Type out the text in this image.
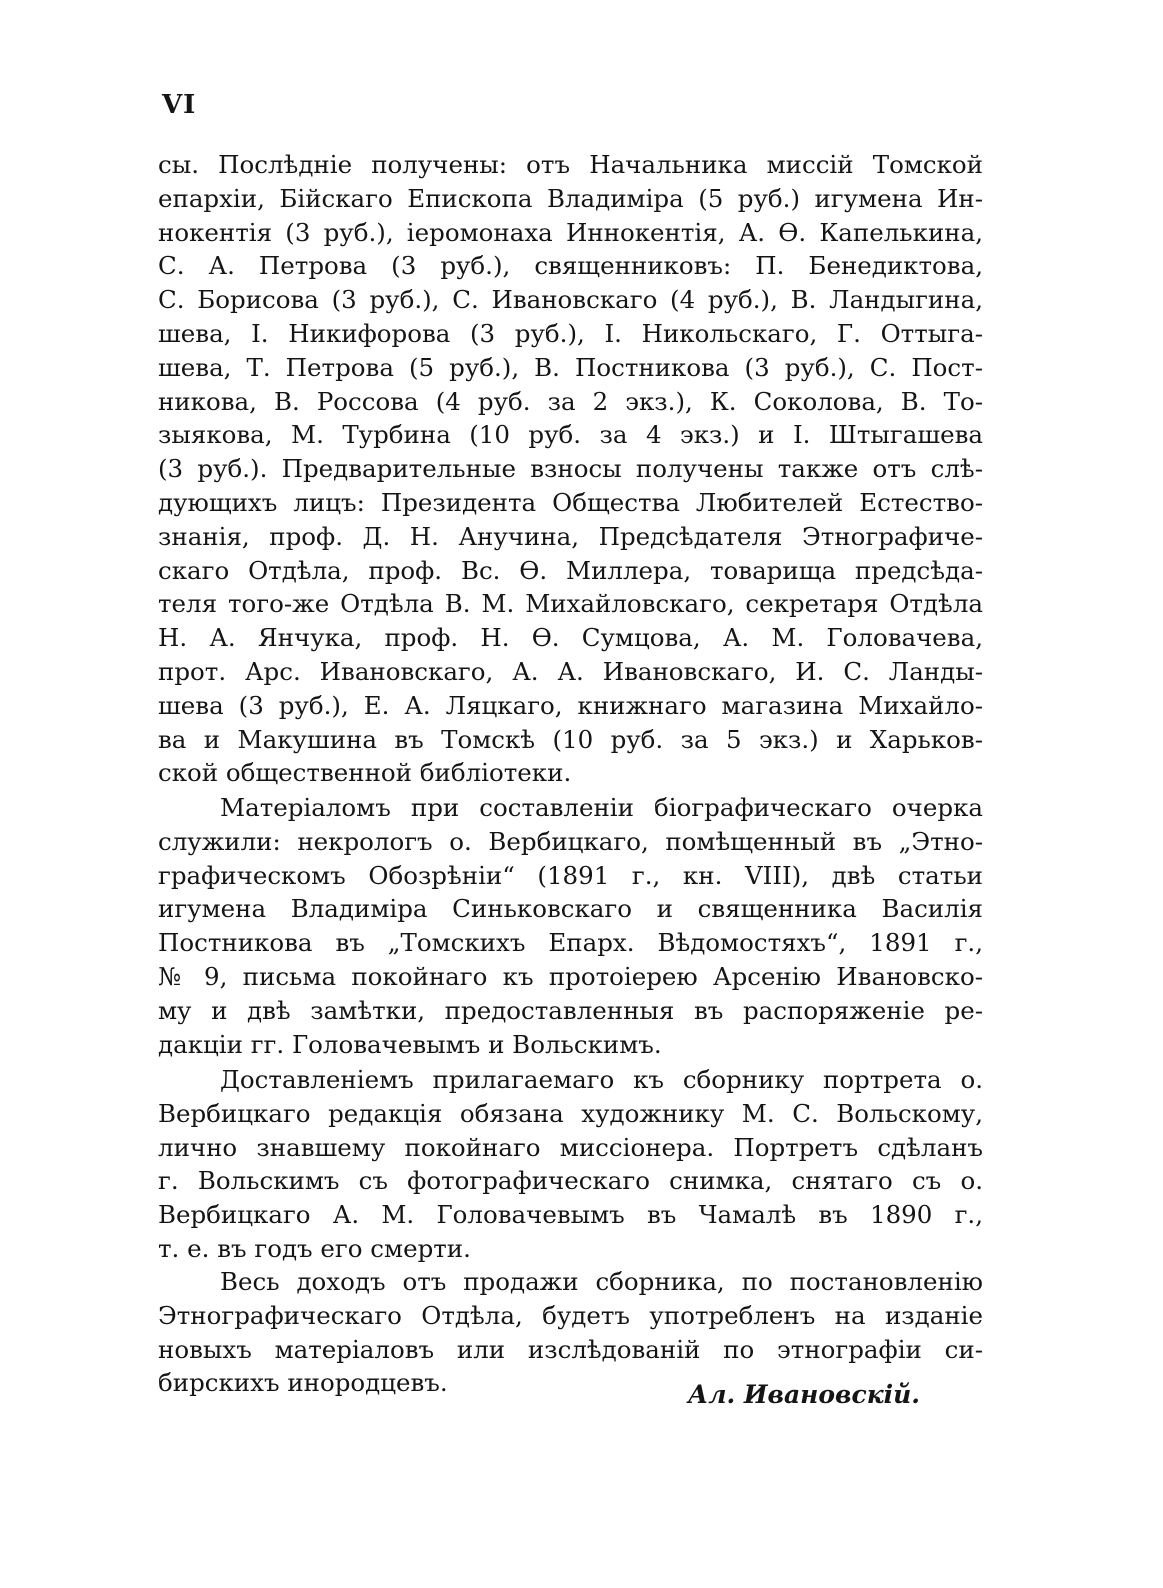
VI
сы. Послѣдніе получены: отъ Начальника миссій Томской
епархіи, Бійскаго Епископа Владиміра (5 руб.) игумена Ин-
нокентія (3 руб.), іеромонаха Иннокентія, А. Ѳ. Капелькина,
С. А. Петрова (3 руб.), священниковъ: П. Бенедиктова,
С. Борисова (3 руб.), С. Ивановскаго (4 руб.), В. Ландыгина,
шева, І. Никифорова (3 руб.), І. Никольскаго, Г. Оттыга-
шева, Т. Петрова (5 руб.), В. Постникова (3 руб.), С. Пост-
никова, В. Россова (4 руб. за 2 экз.), К. Соколова, В. То-
зыякова, М. Турбина (10 руб. за 4 экз.) и І. Штыгашева
(3 руб.). Предварительные взносы получены также отъ слѣ-
дующихъ лицъ: Президента Общества Любителей Естество-
знанія, проф. Д. Н. Анучина, Предсѣдателя Этнографиче-
скаго Отдѣла, проф. Вс. Ѳ. Миллера, товарища предсѣда-
теля того-же Отдѣла В. М. Михайловскаго, секретаря Отдѣла
Н. А. Янчука, проф. Н. Ѳ. Сумцова, А. М. Головачева,
прот. Арс. Ивановскаго, А. А. Ивановскаго, И. С. Ланды-
шева (3 руб.), Е. А. Ляцкаго, книжнаго магазина Михайло-
ва и Макушина въ Томскѣ (10 руб. за 5 экз.) и Харьков-
ской общественной библіотеки.
Матеріаломъ при составленіи біографическаго очерка
служили: некрологъ о. Вербицкаго, помѣщенный въ „Этно-
графическомъ Обозрѣніи“ (1891 г., кн. VIII), двѣ статьи
игумена Владиміра Синьковскаго и священника Василія
Постникова въ „Томскихъ Епарх. Вѣдомостяхъ“, 1891 г.,
№ 9, письма покойнаго къ протоіерею Арсенію Ивановско-
му и двѣ замѣтки, предоставленныя въ распоряженіе ре-
дакціи гг. Головачевымъ и Вольскимъ.
Доставленіемъ прилагаемаго къ сборнику портрета о.
Вербицкаго редакція обязана художнику М. С. Вольскому,
лично знавшему покойнаго миссіонера. Портретъ сдѣланъ
г. Вольскимъ съ фотографическаго снимка, снятаго съ о.
Вербицкаго А. М. Головачевымъ въ Чамалѣ въ 1890 г.,
т. е. въ годъ его смерти.
Весь доходъ отъ продажи сборника, по постановленію
Этнографическаго Отдѣла, будетъ употребленъ на изданіе
новыхъ матеріаловъ или изслѣдованій по этнографіи си-
бирскихъ инородцевъ.	Ал. Ивановскій.
